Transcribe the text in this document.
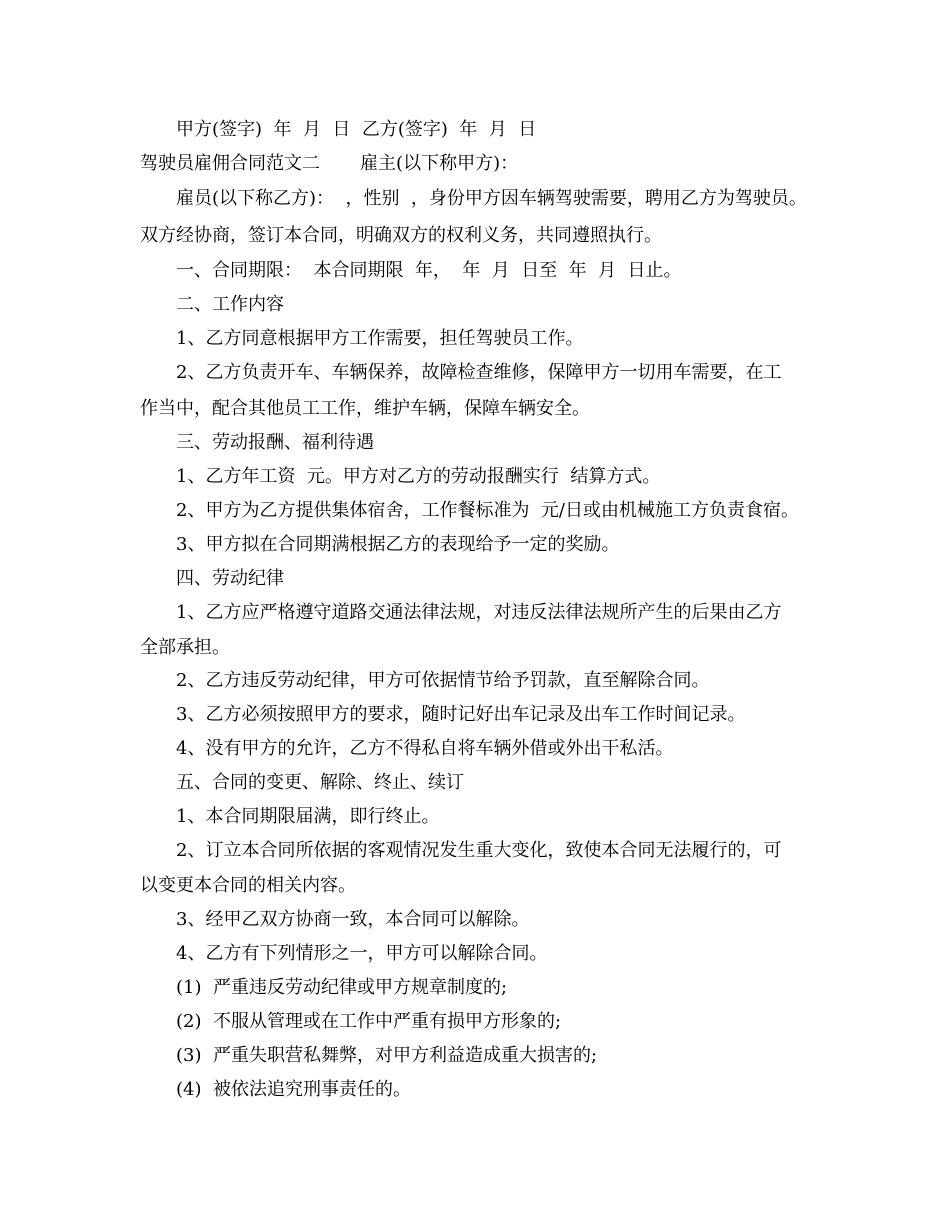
甲方(签字)  年  月  日  乙方(签字)  年  月  日
驾驶员雇佣合同范文二       雇主(以下称甲方)：
雇员(以下称乙方)：  ，性别  ，身份甲方因车辆驾驶需要，聘用乙方为驾驶员。
双方经协商，签订本合同，明确双方的权利义务，共同遵照执行。
一、合同期限：  本合同期限  年，  年  月  日至  年  月  日止。
二、工作内容
1、乙方同意根据甲方工作需要，担任驾驶员工作。
2、乙方负责开车、车辆保养，故障检查维修，保障甲方一切用车需要，在工
作当中，配合其他员工工作，维护车辆，保障车辆安全。
三、劳动报酬、福利待遇
1、乙方年工资  元。甲方对乙方的劳动报酬实行  结算方式。
2、甲方为乙方提供集体宿舍，工作餐标准为  元/日或由机械施工方负责食宿。
3、甲方拟在合同期满根据乙方的表现给予一定的奖励。
四、劳动纪律
1、乙方应严格遵守道路交通法律法规，对违反法律法规所产生的后果由乙方
全部承担。
2、乙方违反劳动纪律，甲方可依据情节给予罚款，直至解除合同。
3、乙方必须按照甲方的要求，随时记好出车记录及出车工作时间记录。
4、没有甲方的允许，乙方不得私自将车辆外借或外出干私活。
五、合同的变更、解除、终止、续订
1、本合同期限届满，即行终止。
2、订立本合同所依据的客观情况发生重大变化，致使本合同无法履行的，可
以变更本合同的相关内容。
3、经甲乙双方协商一致，本合同可以解除。
4、乙方有下列情形之一，甲方可以解除合同。
(1)  严重违反劳动纪律或甲方规章制度的;
(2)  不服从管理或在工作中严重有损甲方形象的;
(3)  严重失职营私舞弊，对甲方利益造成重大损害的;
(4)  被依法追究刑事责任的。
